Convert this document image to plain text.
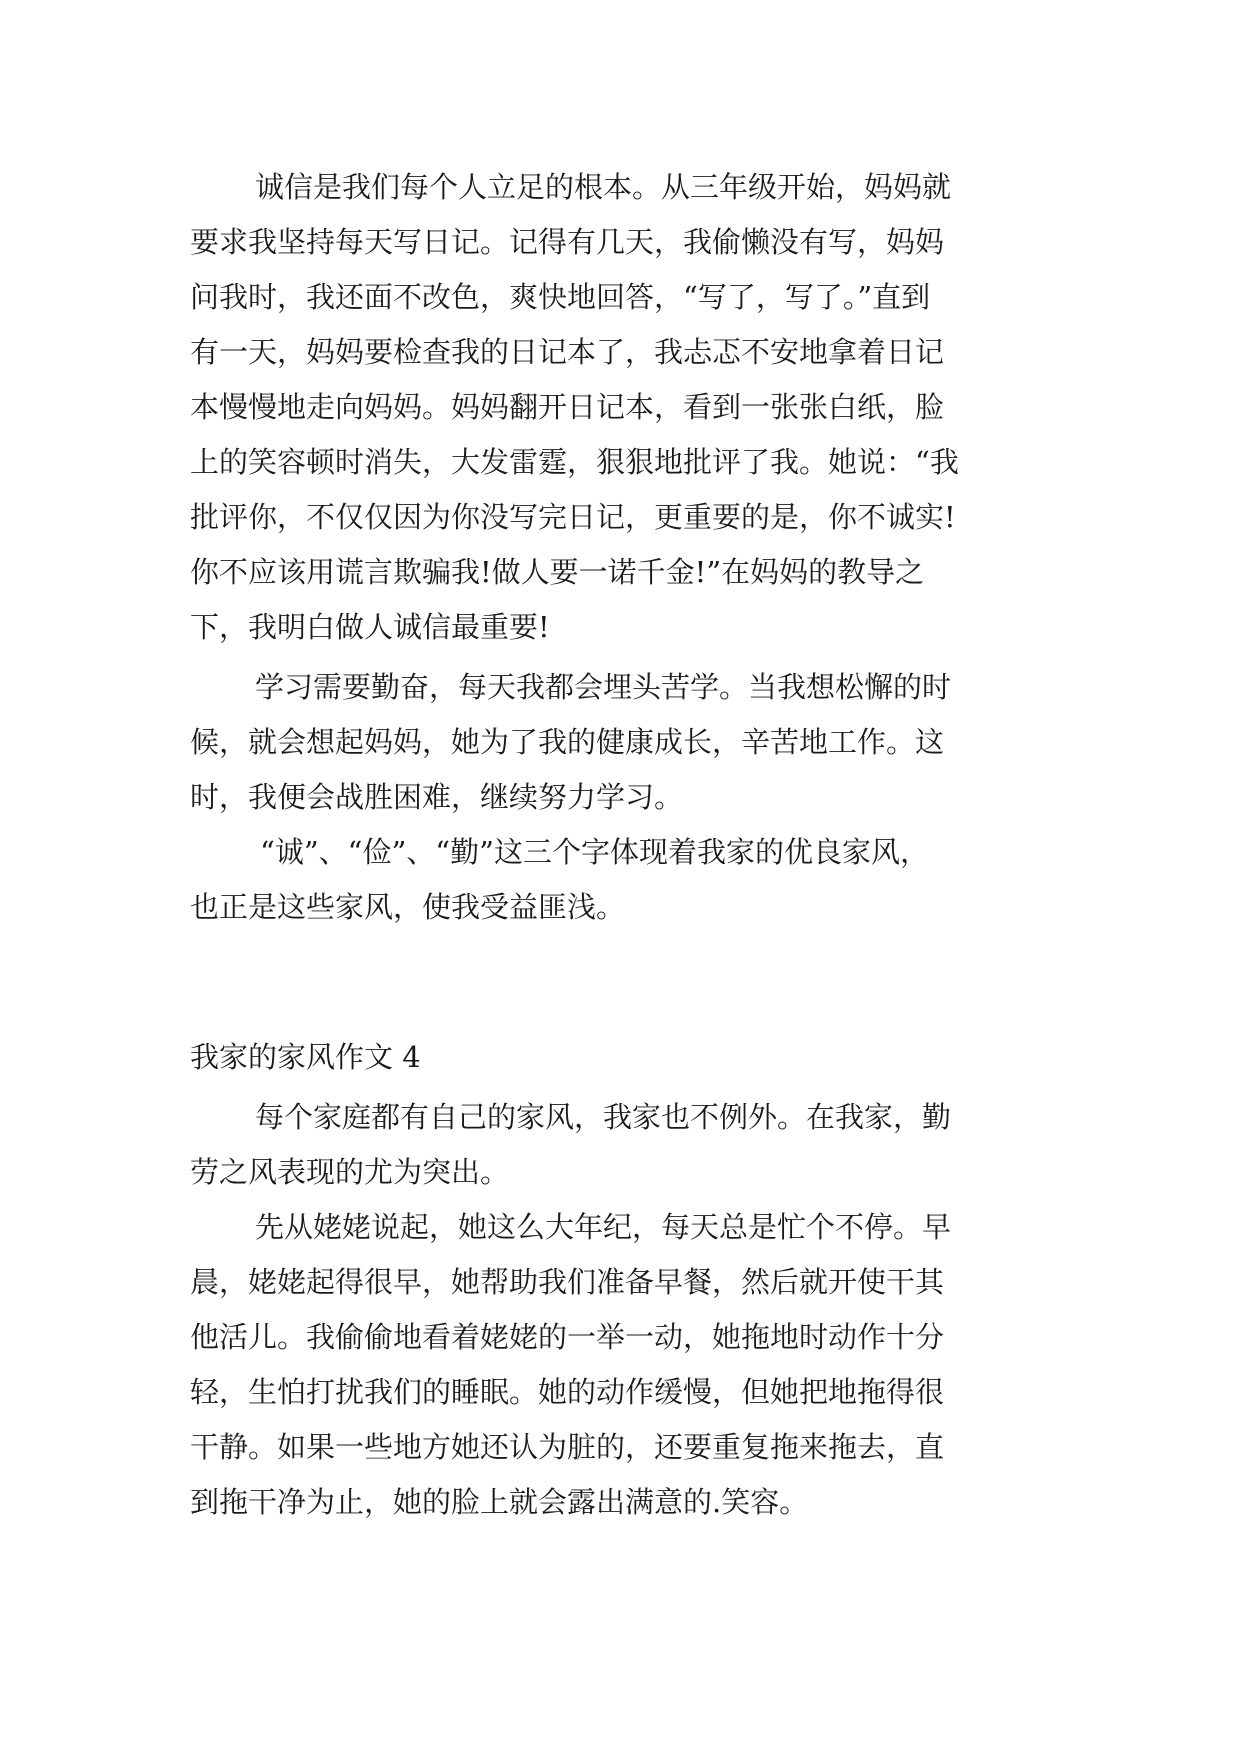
诚信是我们每个人立足的根本。从三年级开始，妈妈就
要求我坚持每天写日记。记得有几天，我偷懒没有写，妈妈
问我时，我还面不改色，爽快地回答，“写了，写了。”直到
有一天，妈妈要检查我的日记本了，我忐忑不安地拿着日记
本慢慢地走向妈妈。妈妈翻开日记本，看到一张张白纸，脸
上的笑容顿时消失，大发雷霆，狠狠地批评了我。她说：“我
批评你，不仅仅因为你没写完日记，更重要的是，你不诚实!
你不应该用谎言欺骗我!做人要一诺千金!”在妈妈的教导之
下，我明白做人诚信最重要!
学习需要勤奋，每天我都会埋头苦学。当我想松懈的时
候，就会想起妈妈，她为了我的健康成长，辛苦地工作。这
时，我便会战胜困难，继续努力学习。
“诚”、“俭”、“勤”这三个字体现着我家的优良家风，
也正是这些家风，使我受益匪浅。
我家的家风作文 4
每个家庭都有自己的家风，我家也不例外。在我家，勤
劳之风表现的尤为突出。
先从姥姥说起，她这么大年纪，每天总是忙个不停。早
晨，姥姥起得很早，她帮助我们准备早餐，然后就开使干其
他活儿。我偷偷地看着姥姥的一举一动，她拖地时动作十分
轻，生怕打扰我们的睡眠。她的动作缓慢，但她把地拖得很
干静。如果一些地方她还认为脏的，还要重复拖来拖去，直
到拖干净为止，她的脸上就会露出满意的.笑容。
